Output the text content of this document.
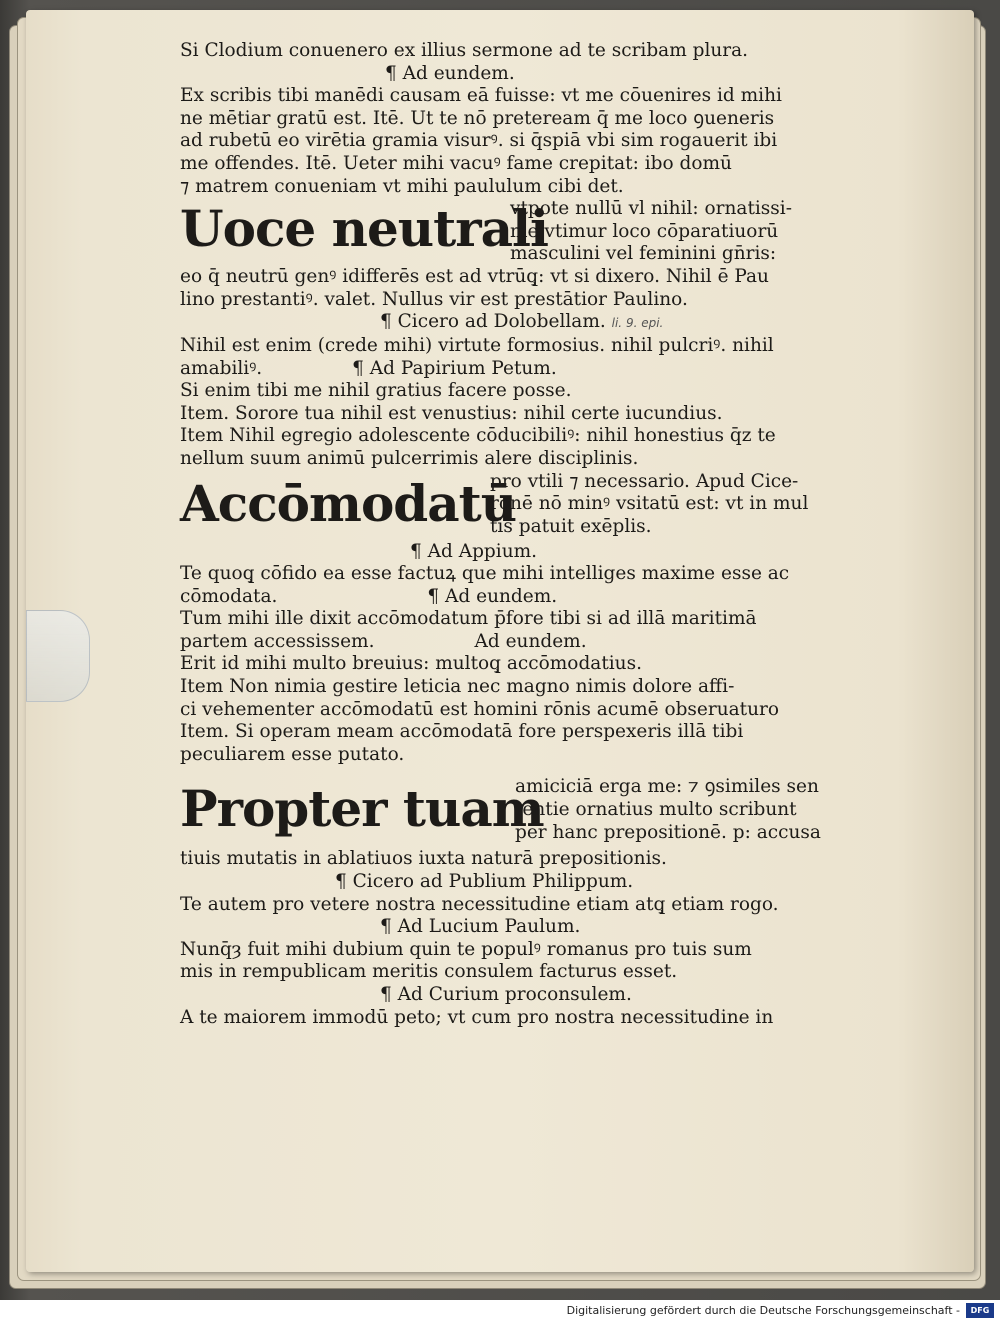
Si Clodium conuenero ex illius sermone ad te scribam plura.
¶ Ad eundem.
Ex scribis tibi manēdi causam eā fuisse: vt me cōuenires id mihi
ne mētiar gratū est. Itē. Ut te nō preteream q̄ me loco ꝯueneris
ad rubetū eo virētia gramia visurꝰ. si q̄spiā vbi sim rogauerit ibi
me offendes. Itē. Ueter mihi vacuꝰ fame crepitat: ibo domū
⁊ matrem conueniam vt mihi paululum cibi det.
Uoce neutrali
vtpote nullū vl nihil: ornatissi-
me vtimur loco cōparatiuorū
masculini vel feminini gn̄ris:
eo q̄ neutrū genꝰ idifferēs est ad vtrūq̧: vt si dixero. Nihil ē Pau
lino prestantiꝰ. valet. Nullus vir est prestātior Paulino.
¶ Cicero ad Dolobellam. li. 9. epi.
Nihil est enim (crede mihi) virtute formosius. nihil pulcriꝰ. nihil
amabiliꝰ.	¶ Ad Papirium Petum.
Si enim tibi me nihil gratius facere posse.
Item. Sorore tua nihil est venustius: nihil certe iucundius.
Item Nihil egregio adolescente cōducibiliꝰ: nihil honestius q̄z te
nellum suum animū pulcerrimis alere disciplinis.
Accōmodatū
pro vtili ⁊ necessario. Apud Cice-
ronē nō minꝰ vsitatū est: vt in mul
tis patuit exēplis.
¶ Ad Appium.
Te quoq̧ cōfido ea esse factuꝝ que mihi intelliges maxime esse ac
cōmodata.	¶ Ad eundem.
Tum mihi ille dixit accōmodatum p̄fore tibi si ad illā maritimā
partem accessissem.	Ad eundem.
Erit id mihi multo breuius: multoq̧ accōmodatius.
Item Non nimia gestire leticia nec magno nimis dolore affi-
ci vehementer accōmodatū est homini rōnis acumē obseruaturo
Item. Si operam meam accōmodatā fore perspexeris illā tibi
peculiarem esse putato.
Propter tuam
amiciciā erga me: ⁊ ꝯsimiles sen
tentie ornatius multo scribunt
per hanc prepositionē. p: accusa
tiuis mutatis in ablatiuos iuxta naturā prepositionis.
¶ Cicero ad Publium Philippum.
Te autem pro vetere nostra necessitudine etiam atq̧ etiam rogo.
¶ Ad Lucium Paulum.
Nunq̄ȝ fuit mihi dubium quin te populꝰ romanus pro tuis sum
mis in rempublicam meritis consulem facturus esset.
¶ Ad Curium proconsulem.
A te maiorem immodū peto; vt cum pro nostra necessitudine in
Digitalisierung gefördert durch die Deutsche Forschungsgemeinschaft -	DFG
